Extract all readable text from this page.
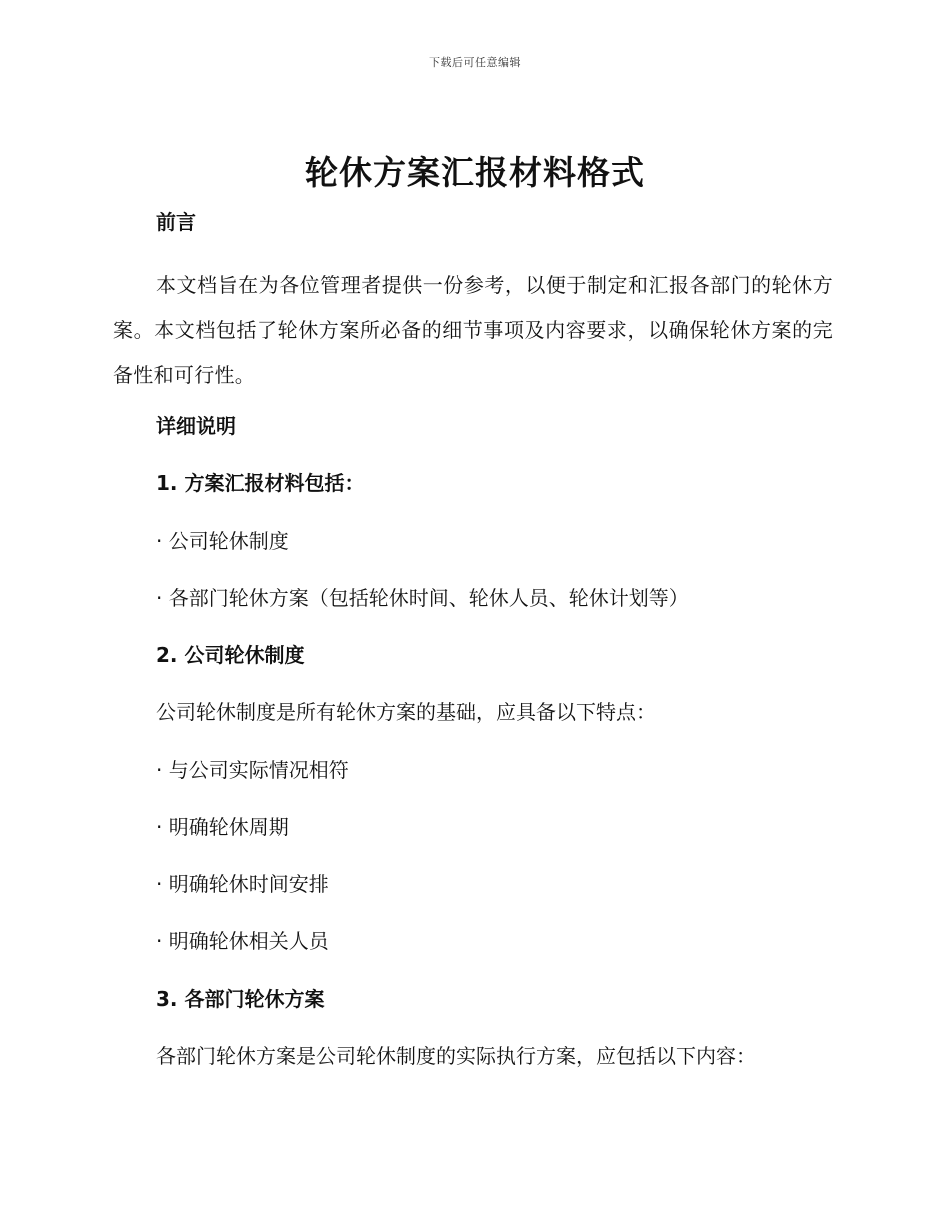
下载后可任意编辑
轮休方案汇报材料格式

前言

本文档旨在为各位管理者提供一份参考，以便于制定和汇报各部门的轮休方案。本文档包括了轮休方案所必备的细节事项及内容要求，以确保轮休方案的完备性和可行性。

详细说明

1. 方案汇报材料包括：

· 公司轮休制度

· 各部门轮休方案（包括轮休时间、轮休人员、轮休计划等）

2. 公司轮休制度

公司轮休制度是所有轮休方案的基础，应具备以下特点：

· 与公司实际情况相符

· 明确轮休周期

· 明确轮休时间安排

· 明确轮休相关人员

3. 各部门轮休方案

各部门轮休方案是公司轮休制度的实际执行方案，应包括以下内容：
